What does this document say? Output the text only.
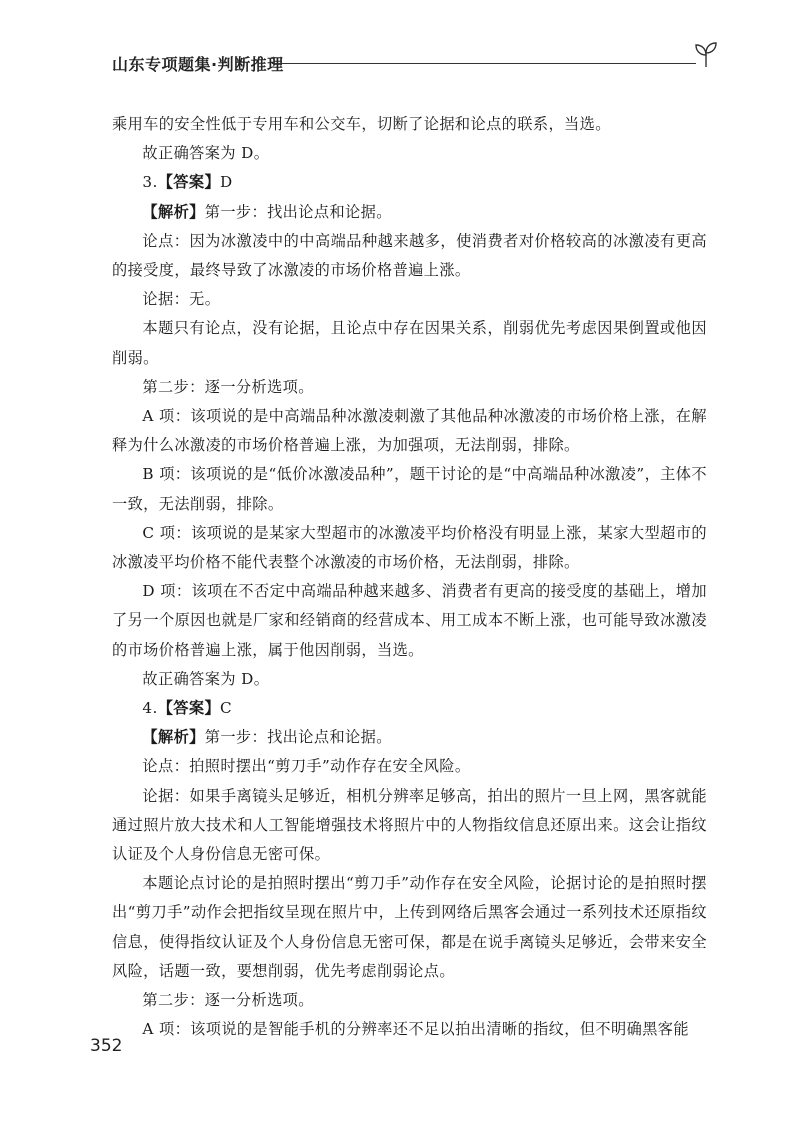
山东专项题集·判断推理

乘用车的安全性低于专用车和公交车，切断了论据和论点的联系，当选。

故正确答案为 D。

3.【答案】D

【解析】第一步：找出论点和论据。

论点：因为冰激凌中的中高端品种越来越多，使消费者对价格较高的冰激凌有更高的接受度，最终导致了冰激凌的市场价格普遍上涨。

论据：无。

本题只有论点，没有论据，且论点中存在因果关系，削弱优先考虑因果倒置或他因削弱。

第二步：逐一分析选项。

A 项：该项说的是中高端品种冰激凌刺激了其他品种冰激凌的市场价格上涨，在解释为什么冰激凌的市场价格普遍上涨，为加强项，无法削弱，排除。

B 项：该项说的是“低价冰激凌品种”，题干讨论的是“中高端品种冰激凌”，主体不一致，无法削弱，排除。

C 项：该项说的是某家大型超市的冰激凌平均价格没有明显上涨，某家大型超市的冰激凌平均价格不能代表整个冰激凌的市场价格，无法削弱，排除。

D 项：该项在不否定中高端品种越来越多、消费者有更高的接受度的基础上，增加了另一个原因也就是厂家和经销商的经营成本、用工成本不断上涨，也可能导致冰激凌的市场价格普遍上涨，属于他因削弱，当选。

故正确答案为 D。

4.【答案】C

【解析】第一步：找出论点和论据。

论点：拍照时摆出“剪刀手”动作存在安全风险。

论据：如果手离镜头足够近，相机分辨率足够高，拍出的照片一旦上网，黑客就能通过照片放大技术和人工智能增强技术将照片中的人物指纹信息还原出来。这会让指纹认证及个人身份信息无密可保。

本题论点讨论的是拍照时摆出“剪刀手”动作存在安全风险，论据讨论的是拍照时摆出“剪刀手”动作会把指纹呈现在照片中，上传到网络后黑客会通过一系列技术还原指纹信息，使得指纹认证及个人身份信息无密可保，都是在说手离镜头足够近，会带来安全风险，话题一致，要想削弱，优先考虑削弱论点。

第二步：逐一分析选项。

A 项：该项说的是智能手机的分辨率还不足以拍出清晰的指纹，但不明确黑客能

352
